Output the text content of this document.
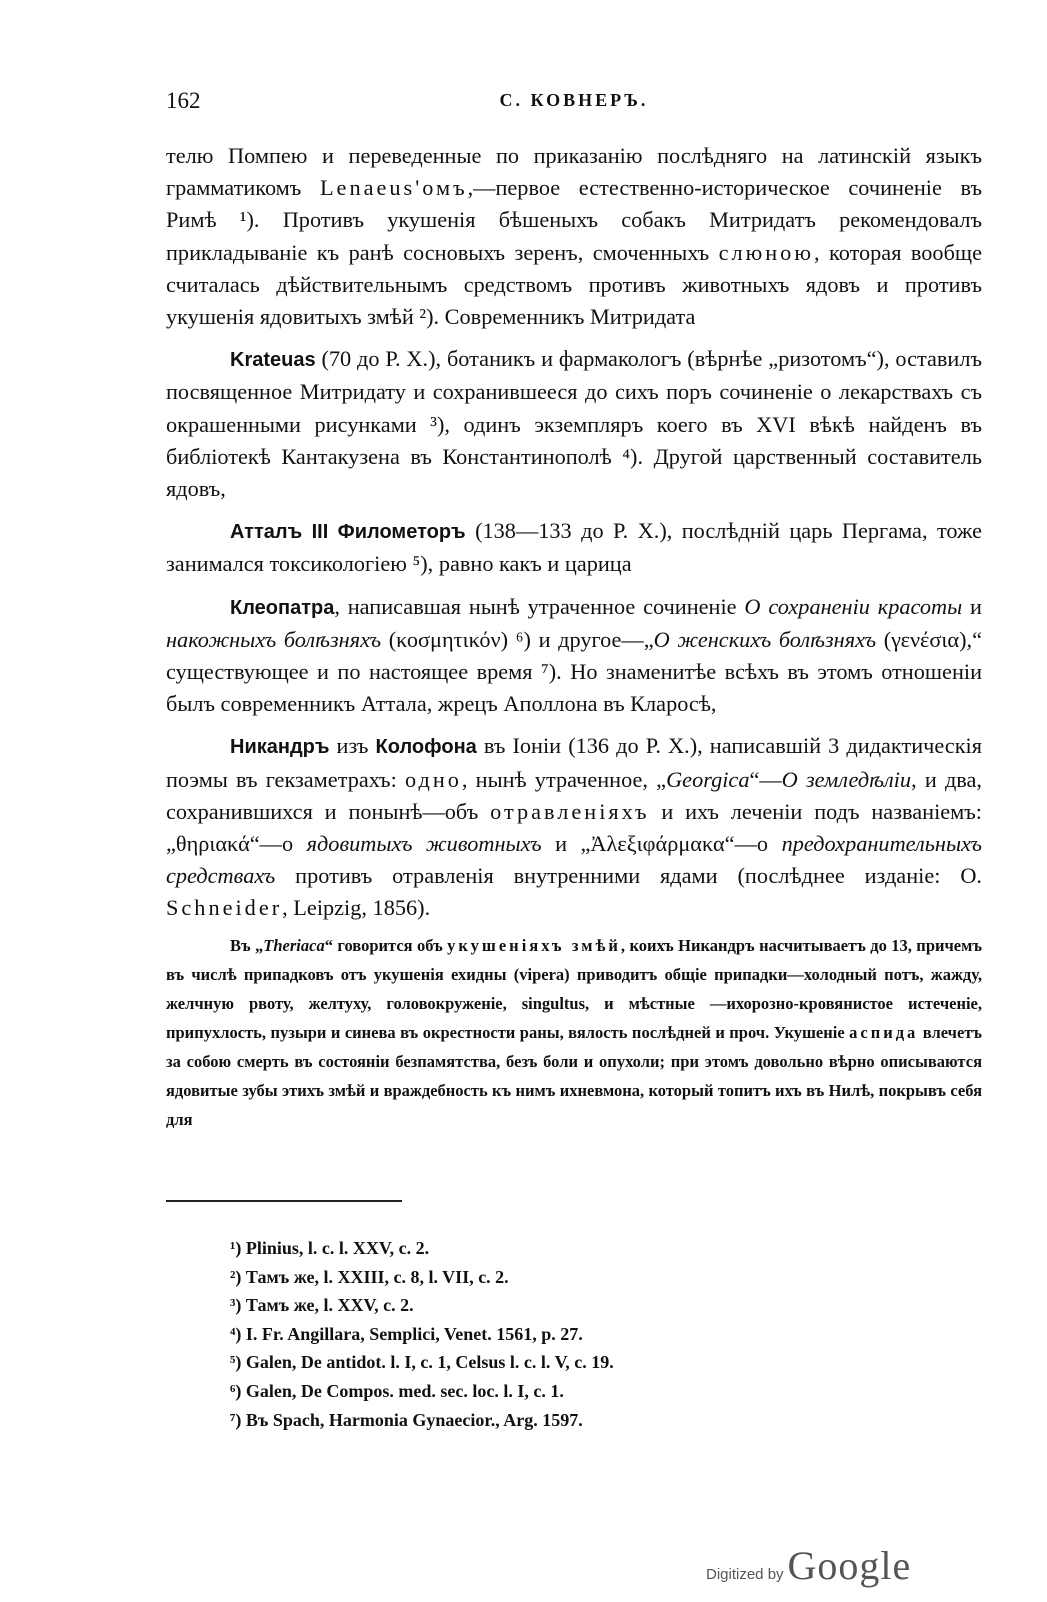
162	С. КОВНЕРЪ.

телю Помпею и переведенные по приказанію послѣдняго на латинскій языкъ грамматикомъ Lenaeus'омъ,—первое естественно-историческое сочиненіе въ Римѣ ¹). Противъ укушенія бѣшеныхъ собакъ Митридатъ рекомендовалъ прикладываніе къ ранѣ сосновыхъ зеренъ, смоченныхъ слюною, которая вообще считалась дѣйствительнымъ средствомъ противъ животныхъ ядовъ и противъ укушенія ядовитыхъ змѣй ²). Современникъ Митридата

Krateuas (70 до Р. Х.), ботаникъ и фармакологъ (вѣрнѣе „ризотомъ“), оставилъ посвященное Митридату и сохранившееся до сихъ поръ сочиненіе о лекарствахъ съ окрашенными рисунками ³), одинъ экземпляръ коего въ XVI вѣкѣ найденъ въ библіотекѣ Кантакузена въ Константинополѣ ⁴). Другой царственный составитель ядовъ,

Атталъ III Филометоръ (138—133 до Р. Х.), послѣдній царь Пергама, тоже занимался токсикологіею ⁵), равно какъ и царица

Клеопатра, написавшая нынѣ утраченное сочиненіе О сохраненіи красоты и накожныхъ болѣзняхъ (κοσμητικόν) ⁶) и другое—„О женскихъ болѣзняхъ (γενέσια),“ существующее и по настоящее время ⁷). Но знаменитѣе всѣхъ въ этомъ отношеніи былъ современникъ Аттала, жрецъ Аполлона въ Кларосѣ,

Никандръ изъ Колофона въ Іоніи (136 до Р. Х.), написавшій 3 дидактическія поэмы въ гекзаметрахъ: одно, нынѣ утраченное, „Georgica“—О земледѣліи, и два, сохранившихся и понынѣ—объ отравленіяхъ и ихъ леченіи подъ названіемъ: „θηριακά“—о ядовитыхъ животныхъ и „Ἀλεξιφάρμακα“—о предохранительныхъ средствахъ противъ отравленія внутренними ядами (послѣднее изданіе: O. Schneider, Leipzig, 1856).

Въ „Theriaca“ говорится объ укушеніяхъ змѣй, коихъ Никандръ насчитываетъ до 13, причемъ въ числѣ припадковъ отъ укушенія ехидны (vipera) приводитъ общіе припадки—холодный потъ, жажду, желчную рвоту, желтуху, головокруженіе, singultus, и мѣстные —ихорозно-кровянистое истеченіе, припухлость, пузыри и синева въ окрестности раны, вялость послѣдней и проч. Укушеніе аспида влечетъ за собою смерть въ состояніи безпамятства, безъ боли и опухоли; при этомъ довольно вѣрно описываются ядовитые зубы этихъ змѣй и враждебность къ нимъ ихневмона, который топитъ ихъ въ Нилѣ, покрывъ себя для

¹) Plinius, l. c. l. XXV, c. 2.
²) Тамъ же, l. XXIII, c. 8, l. VII, c. 2.
³) Тамъ же, l. XXV, c. 2.
⁴) I. Fr. Angillara, Semplici, Venet. 1561, p. 27.
⁵) Galen, De antidot. l. I, c. 1, Celsus l. c. l. V, c. 19.
⁶) Galen, De Compos. med. sec. loc. l. I, c. 1.
⁷) Въ Spach, Harmonia Gynaecior., Arg. 1597.
Digitized by Google
